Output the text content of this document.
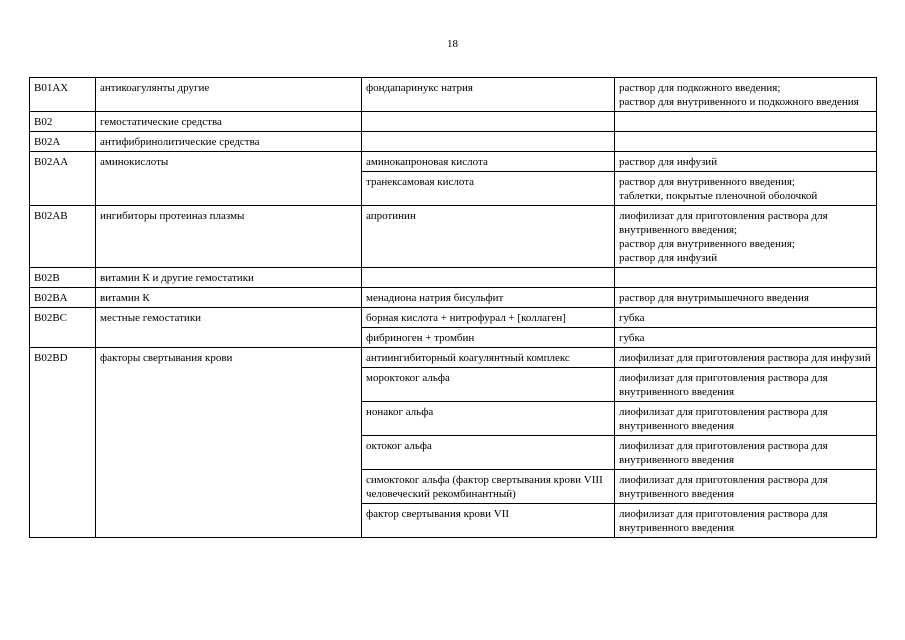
18
B01AX	антикоагулянты другие	фондапаринукс натрия	раствор для подкожного введения;
раствор для внутривенного и подкожного введения
B02	гемостатические средства		
B02A	антифибринолитические средства		
B02AA	аминокислоты	аминокапроновая кислота	раствор для инфузий
		транексамовая кислота	раствор для внутривенного введения;
таблетки, покрытые пленочной оболочкой
B02AB	ингибиторы протеиназ плазмы	апротинин	лиофилизат для приготовления раствора для внутривенного введения;
раствор для внутривенного введения;
раствор для инфузий
B02B	витамин К и другие гемостатики		
B02BA	витамин К	менадиона натрия бисульфит	раствор для внутримышечного введения
B02BC	местные гемостатики	борная кислота + нитрофурал + [коллаген]	губка
		фибриноген + тромбин	губка
B02BD	факторы свертывания крови	антиингибиторный коагулянтный комплекс	лиофилизат для приготовления раствора для инфузий
		мороктоког альфа	лиофилизат для приготовления раствора для внутривенного введения
		нонаког альфа	лиофилизат для приготовления раствора для внутривенного введения
		октоког альфа	лиофилизат для приготовления раствора для внутривенного введения
		симоктоког альфа (фактор свертывания крови VIII человеческий рекомбинантный)	лиофилизат для приготовления раствора для внутривенного введения
		фактор свертывания крови VII	лиофилизат для приготовления раствора для внутривенного введения
